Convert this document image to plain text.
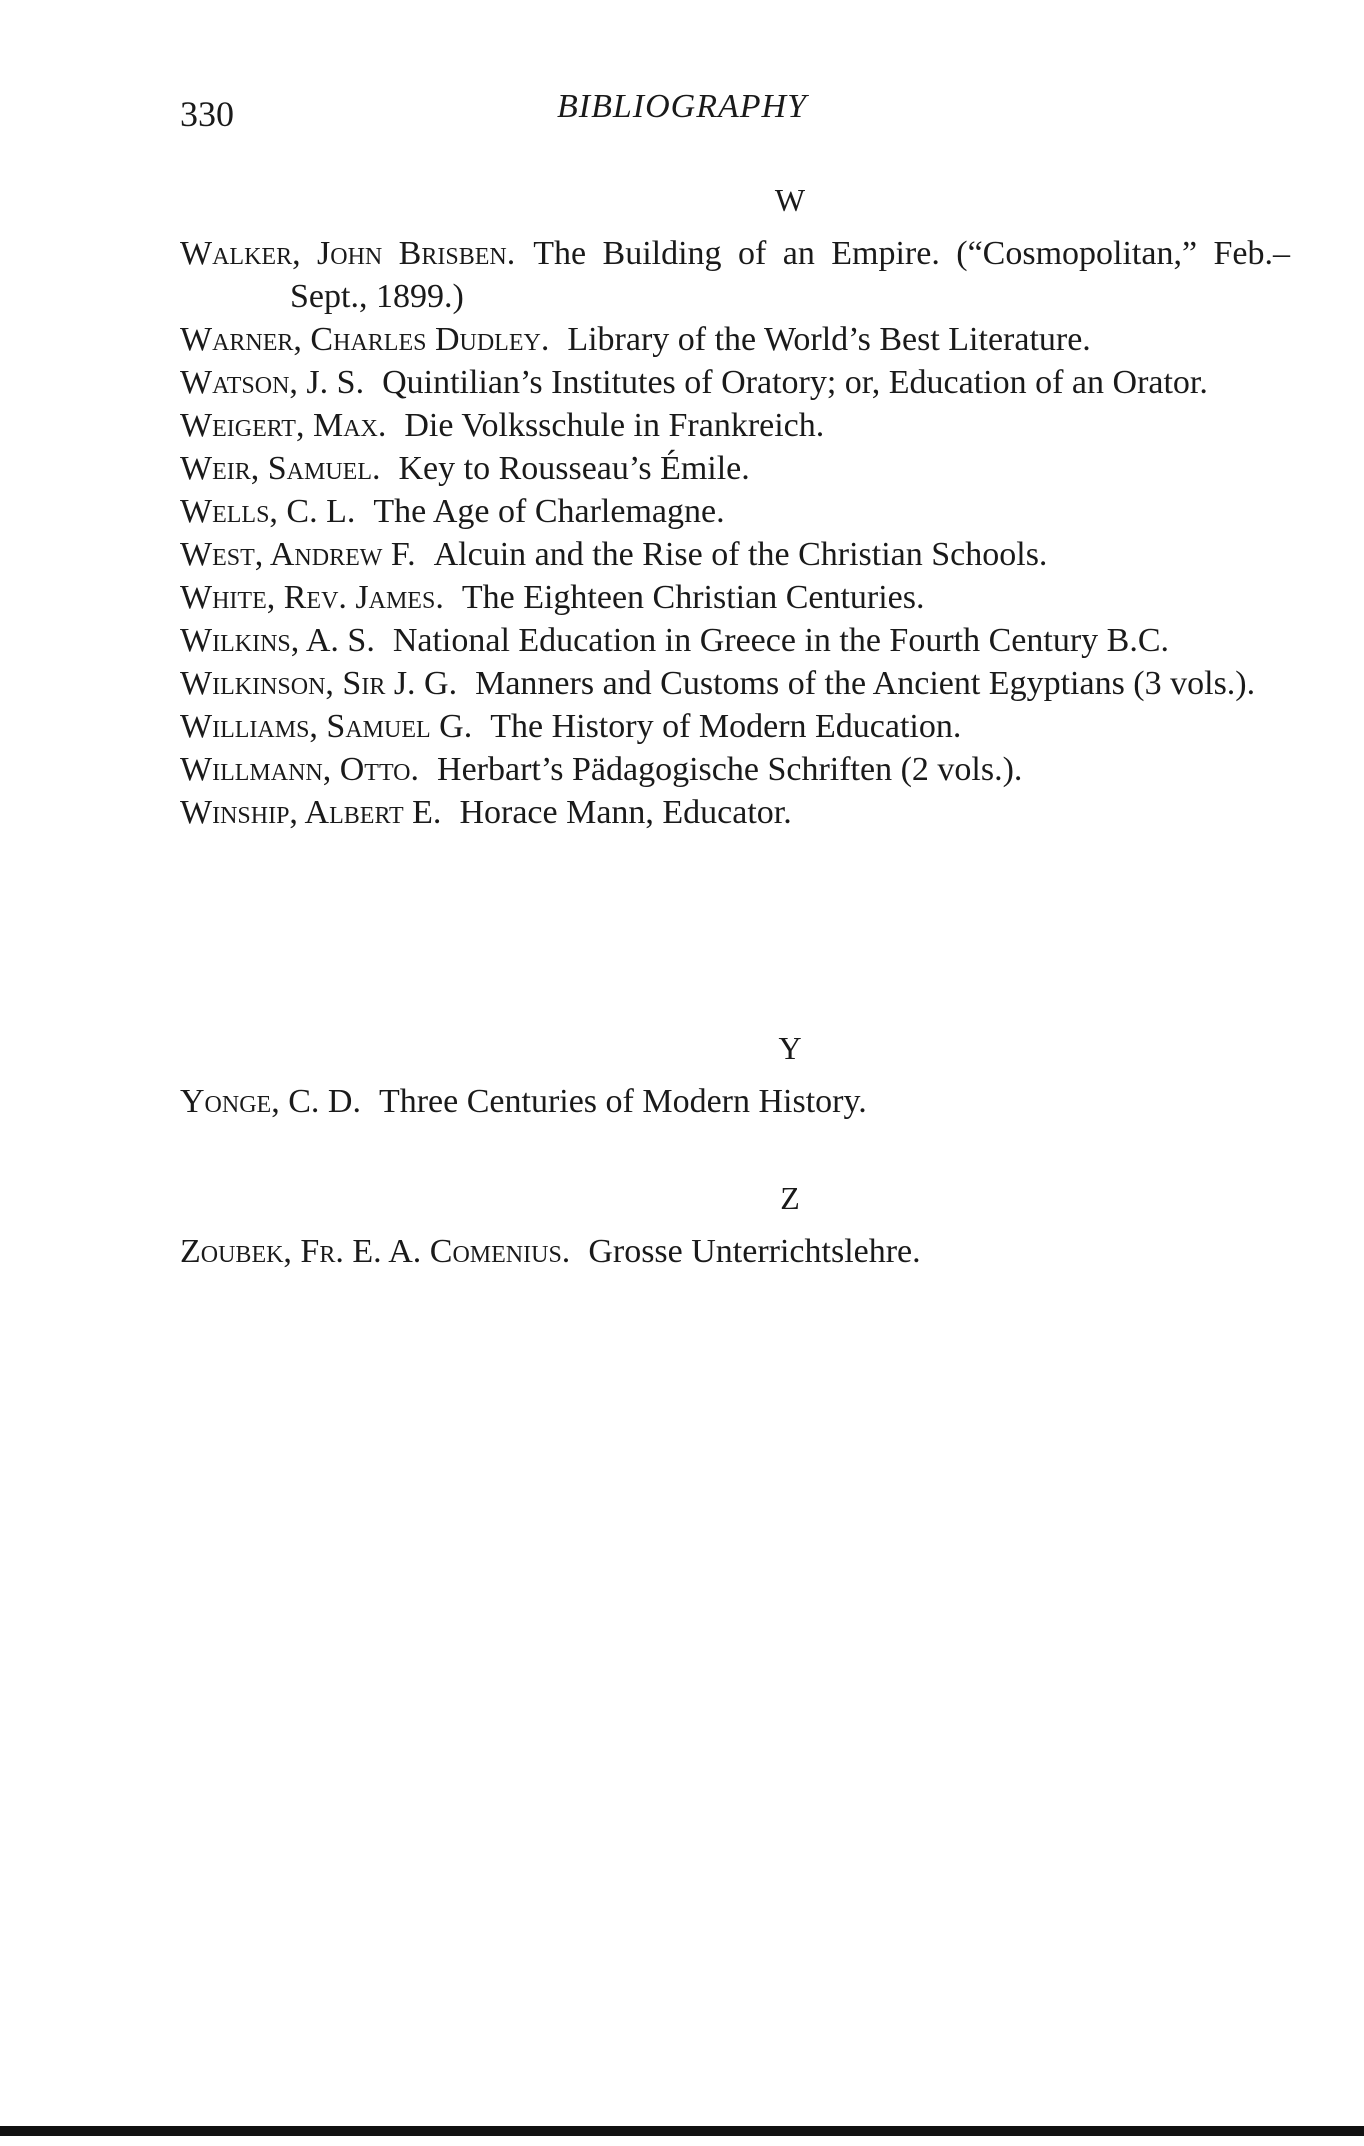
330	BIBLIOGRAPHY
W

Walker, John Brisben. The Building of an Empire. (“Cosmopolitan,” Feb.–Sept., 1899.)

Warner, Charles Dudley. Library of the World’s Best Literature.

Watson, J. S. Quintilian’s Institutes of Oratory; or, Education of an Orator.

Weigert, Max. Die Volksschule in Frankreich.

Weir, Samuel. Key to Rousseau’s Émile.

Wells, C. L. The Age of Charlemagne.

West, Andrew F. Alcuin and the Rise of the Christian Schools.

White, Rev. James. The Eighteen Christian Centuries.

Wilkins, A. S. National Education in Greece in the Fourth Century B.C.

Wilkinson, Sir J. G. Manners and Customs of the Ancient Egyptians (3 vols.).

Williams, Samuel G. The History of Modern Education.

Willmann, Otto. Herbart’s Pädagogische Schriften (2 vols.).

Winship, Albert E. Horace Mann, Educator.

Y

Yonge, C. D. Three Centuries of Modern History.

Z

Zoubek, Fr. E. A. Comenius. Grosse Unterrichtslehre.
